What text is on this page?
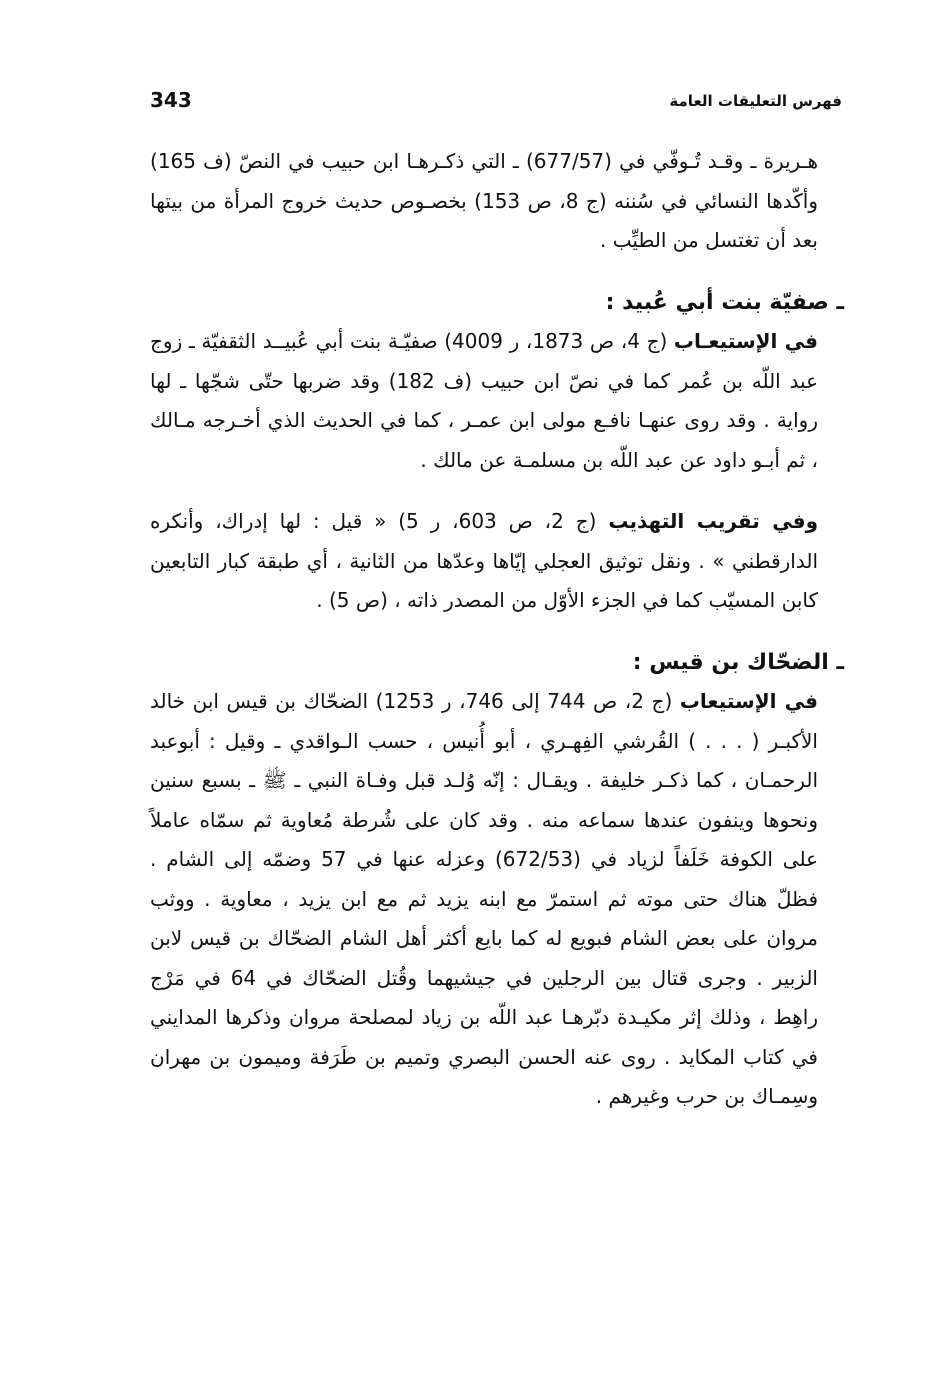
343	فهرس التعليقات العامة

هـريرة ـ وقـد تُـوفّي في (677/57) ـ التي ذكـرهـا ابن حبيب في النصّ (ف 165) وأكّدها النسائي في سُننه (ج 8، ص 153) بخصـوص حديث خروج المرأة من بيتها بعد أن تغتسل من الطيِّب .

ـ صفيّة بنت أبي عُبيد :

في الإستيعـاب (ج 4، ص 1873، ر 4009) صفيّـة بنت أبي عُبيــد الثقفيّة ـ زوج عبد اللّه بن عُمر كما في نصّ ابن حبيب (ف 182) وقد ضربها حتّى شجّها ـ لها رواية . وقد روى عنهـا نافـع مولى ابن عمـر ، كما في الحديث الذي أخـرجه مـالك ، ثم أبـو داود عن عبد اللّه بن مسلمـة عن مالك .

وفي تقريب التهذيب (ج 2، ص 603، ر 5) « قيل : لها إدراك، وأنكره الدارقطني » . ونقل توثيق العجلي إيّاها وعدّها من الثانية ، أي طبقة كبار التابعين كابن المسيّب كما في الجزء الأوّل من المصدر ذاته ، (ص 5) .

ـ الضحّاك بن قيس :

في الإستيعاب (ج 2، ص 744 إلى 746، ر 1253) الضحّاك بن قيس ابن خالد الأكبـر ( . . . ) القُرشي الفِهـري ، أبو أُنيس ، حسب الـواقدي ـ وقيل : أبوعبد الرحمـان ، كما ذكـر خليفة . ويقـال : إنّه وُلـد قبل وفـاة النبي ـ ﷺ ـ بسبع سنين ونحوها وينفون عندها سماعه منه . وقد كان على شُرطة مُعاوية ثم سمّاه عاملاً على الكوفة خَلَفاً لزياد في (672/53) وعزله عنها في 57 وضمّه إلى الشام . فظلّ هناك حتى موته ثم استمرّ مع ابنه يزيد ثم مع ابن يزيد ، معاوية . ووثب مروان على بعض الشام فبويع له كما بايع أكثر أهل الشام الضحّاك بن قيس لابن الزبير . وجرى قتال بين الرجلين في جيشيهما وقُتل الضحّاك في 64 في مَرْج راهِط ، وذلك إثر مكيـدة دبّرهـا عبد اللّه بن زياد لمصلحة مروان وذكرها المدايني في كتاب المكايد . روى عنه الحسن البصري وتميم بن طَرَفة وميمون بن مهران وسِمـاك بن حرب وغيرهم .
